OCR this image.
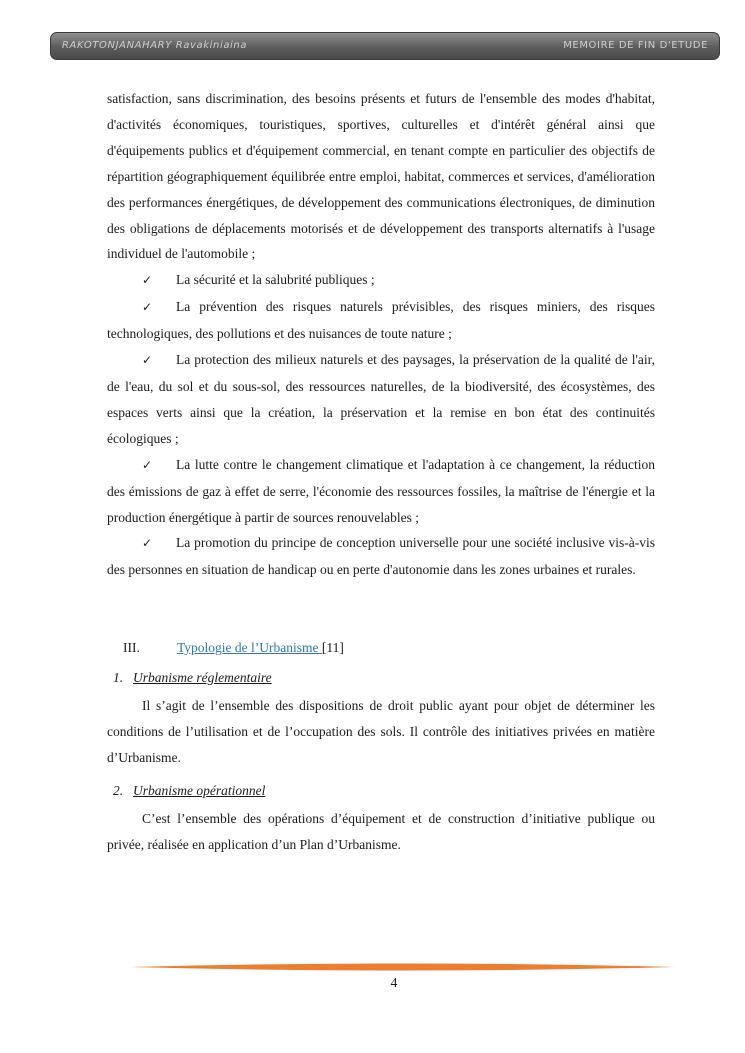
RAKOTONJANAHARY Ravakiniaina	MEMOIRE DE FIN D'ETUDE

satisfaction, sans discrimination, des besoins présents et futurs de l'ensemble des modes d'habitat, d'activités économiques, touristiques, sportives, culturelles et d'intérêt général ainsi que d'équipements publics et d'équipement commercial, en tenant compte en particulier des objectifs de répartition géographiquement équilibrée entre emploi, habitat, commerces et services, d'amélioration des performances énergétiques, de développement des communications électroniques, de diminution des obligations de déplacements motorisés et de développement des transports alternatifs à l'usage individuel de l'automobile ;

✓ La sécurité et la salubrité publiques ;

✓ La prévention des risques naturels prévisibles, des risques miniers, des risques technologiques, des pollutions et des nuisances de toute nature ;

✓ La protection des milieux naturels et des paysages, la préservation de la qualité de l'air, de l'eau, du sol et du sous-sol, des ressources naturelles, de la biodiversité, des écosystèmes, des espaces verts ainsi que la création, la préservation et la remise en bon état des continuités écologiques ;

✓ La lutte contre le changement climatique et l'adaptation à ce changement, la réduction des émissions de gaz à effet de serre, l'économie des ressources fossiles, la maîtrise de l'énergie et la production énergétique à partir de sources renouvelables ;

✓ La promotion du principe de conception universelle pour une société inclusive vis-à-vis des personnes en situation de handicap ou en perte d'autonomie dans les zones urbaines et rurales.

III.	Typologie de l’Urbanisme [11]
1. Urbanisme réglementaire

Il s’agit de l’ensemble des dispositions de droit public ayant pour objet de déterminer les conditions de l’utilisation et de l’occupation des sols. Il contrôle des initiatives privées en matière d’Urbanisme.

2. Urbanisme opérationnel

C’est l’ensemble des opérations d’équipement et de construction d’initiative publique ou privée, réalisée en application d’un Plan d’Urbanisme.

4
